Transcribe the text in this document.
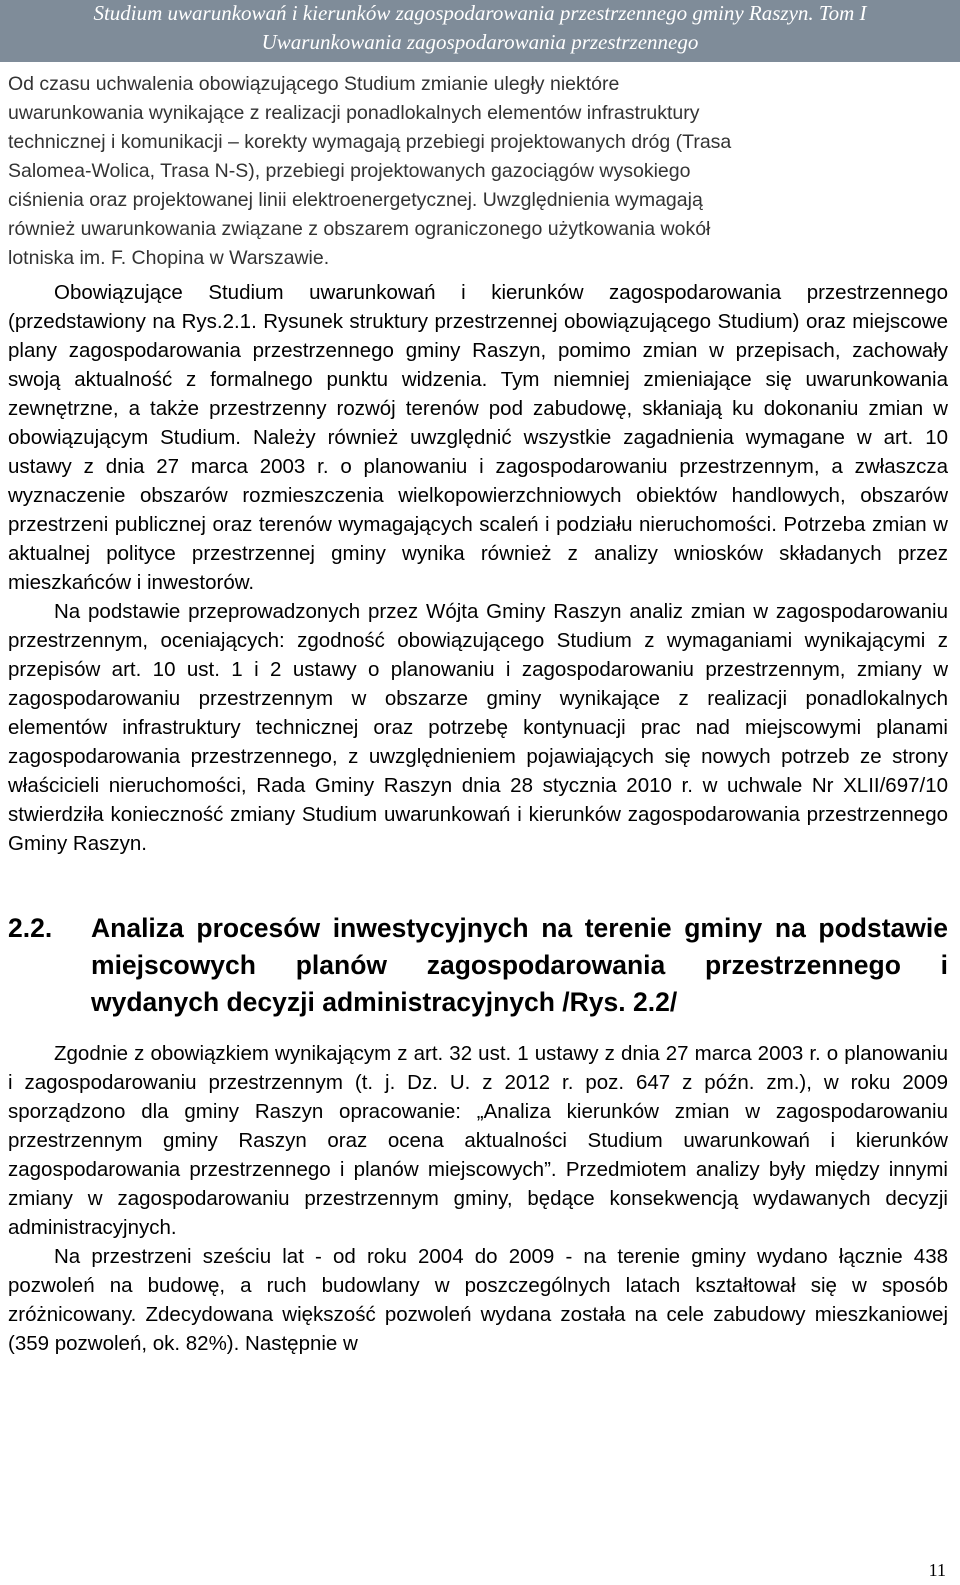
Studium uwarunkowań i kierunków zagospodarowania przestrzennego gminy Raszyn. Tom I
Uwarunkowania zagospodarowania przestrzennego

Od czasu uchwalenia obowiązującego Studium zmianie uległy niektóre
uwarunkowania wynikające z realizacji ponadlokalnych elementów infrastruktury
technicznej i komunikacji – korekty wymagają przebiegi projektowanych dróg (Trasa
Salomea-Wolica, Trasa N-S), przebiegi projektowanych gazociągów wysokiego
ciśnienia oraz projektowanej linii elektroenergetycznej. Uwzględnienia wymagają
również uwarunkowania związane z obszarem ograniczonego użytkowania wokół
lotniska im. F. Chopina w Warszawie.

Obowiązujące Studium uwarunkowań i kierunków zagospodarowania przestrzennego (przedstawiony na Rys.2.1. Rysunek struktury przestrzennej obowiązującego Studium) oraz miejscowe plany zagospodarowania przestrzennego gminy Raszyn, pomimo zmian w przepisach, zachowały swoją aktualność z formalnego punktu widzenia. Tym niemniej zmieniające się uwarunkowania zewnętrzne, a także przestrzenny rozwój terenów pod zabudowę, skłaniają ku dokonaniu zmian w obowiązującym Studium. Należy również uwzględnić wszystkie zagadnienia wymagane w art. 10 ustawy z dnia 27 marca 2003 r. o planowaniu i zagospodarowaniu przestrzennym, a zwłaszcza wyznaczenie obszarów rozmieszczenia wielkopowierzchniowych obiektów handlowych, obszarów przestrzeni publicznej oraz terenów wymagających scaleń i podziału nieruchomości. Potrzeba zmian w aktualnej polityce przestrzennej gminy wynika również z analizy wniosków składanych przez mieszkańców i inwestorów.

Na podstawie przeprowadzonych przez Wójta Gminy Raszyn analiz zmian w zagospodarowaniu przestrzennym, oceniających: zgodność obowiązującego Studium z wymaganiami wynikającymi z przepisów art. 10 ust. 1 i 2 ustawy o planowaniu i zagospodarowaniu przestrzennym, zmiany w zagospodarowaniu przestrzennym w obszarze gminy wynikające z realizacji ponadlokalnych elementów infrastruktury technicznej oraz potrzebę kontynuacji prac nad miejscowymi planami zagospodarowania przestrzennego, z uwzględnieniem pojawiających się nowych potrzeb ze strony właścicieli nieruchomości, Rada Gminy Raszyn dnia 28 stycznia 2010 r. w uchwale Nr XLII/697/10 stwierdziła konieczność zmiany Studium uwarunkowań i kierunków zagospodarowania przestrzennego Gminy Raszyn.

2.2.	Analiza procesów inwestycyjnych na terenie gminy na podstawie miejscowych planów zagospodarowania przestrzennego i wydanych decyzji administracyjnych /Rys. 2.2/

Zgodnie z obowiązkiem wynikającym z art. 32 ust. 1 ustawy z dnia 27 marca 2003 r. o planowaniu i zagospodarowaniu przestrzennym (t. j. Dz. U. z 2012 r. poz. 647 z późn. zm.), w roku 2009 sporządzono dla gminy Raszyn opracowanie: „Analiza kierunków zmian w zagospodarowaniu przestrzennym gminy Raszyn oraz ocena aktualności Studium uwarunkowań i kierunków zagospodarowania przestrzennego i planów miejscowych”. Przedmiotem analizy były między innymi zmiany w zagospodarowaniu przestrzennym gminy, będące konsekwencją wydawanych decyzji administracyjnych.

Na przestrzeni sześciu lat - od roku 2004 do 2009 - na terenie gminy wydano łącznie 438 pozwoleń na budowę, a ruch budowlany w poszczególnych latach kształtował się w sposób zróżnicowany. Zdecydowana większość pozwoleń wydana została na cele zabudowy mieszkaniowej (359 pozwoleń, ok. 82%). Następnie w

11
